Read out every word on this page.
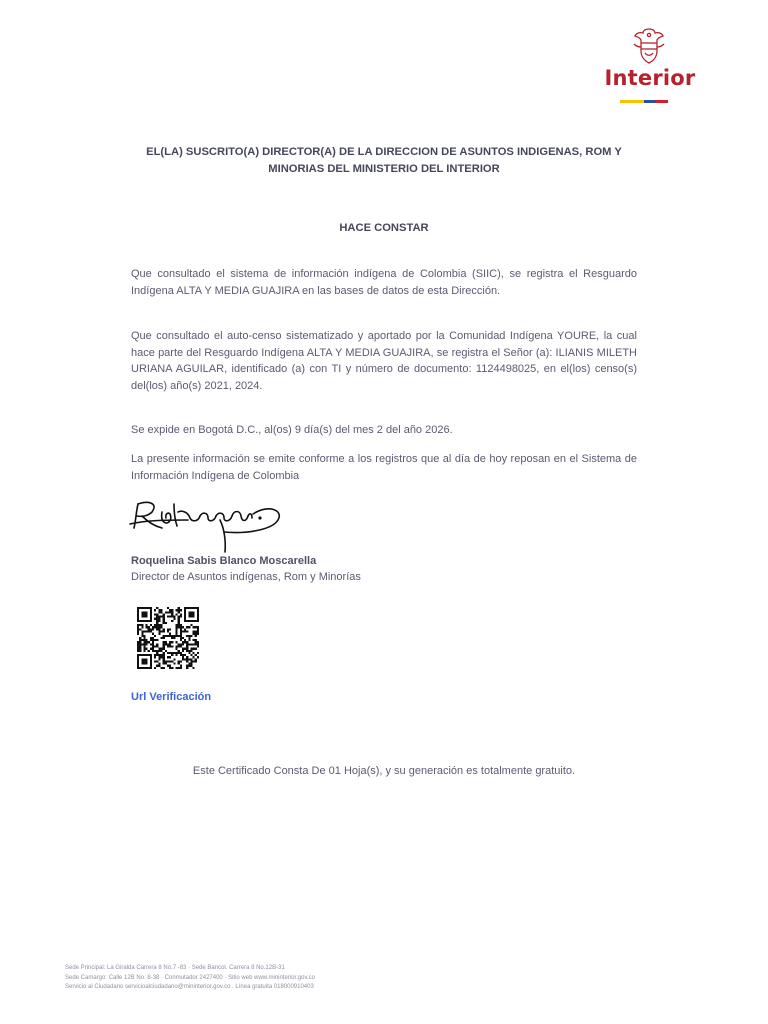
Interior
EL(LA) SUSCRITO(A) DIRECTOR(A) DE LA DIRECCION DE ASUNTOS INDIGENAS, ROM Y MINORIAS DEL MINISTERIO DEL INTERIOR
HACE CONSTAR
Que consultado el sistema de información indígena de Colombia (SIIC), se registra el Resguardo Indígena ALTA Y MEDIA GUAJIRA en las bases de datos de esta Dirección.
Que consultado el auto-censo sistematizado y aportado por la Comunidad Indígena YOURE, la cual hace parte del Resguardo Indígena ALTA Y MEDIA GUAJIRA, se registra el Señor (a): ILIANIS MILETH URIANA AGUILAR, identificado (a) con TI y número de documento: 1124498025, en el(los) censo(s) del(los) año(s) 2021, 2024.
Se expide en Bogotá D.C., al(os) 9 día(s) del mes 2 del año 2026.
La presente información se emite conforme a los registros que al día de hoy reposan en el Sistema de Información Indígena de Colombia
Roquelina Sabis Blanco Moscarella
Director de Asuntos indígenas, Rom y Minorías
Url Verificación
Este Certificado Consta De 01 Hoja(s), y su generación es totalmente gratuito.
Sede Principal: La Giralda Carrera 8 No.7 -83 · Sede Bancol. Carrera 8 No.12B-31
Sede Camargo: Calle 12B No. 8-38 · Conmutador 2427400 · Sitio web www.mininterior.gov.co
Servicio al Ciudadano servicioalciudadano@mininterior.gov.co . Línea gratuita 018000910403
